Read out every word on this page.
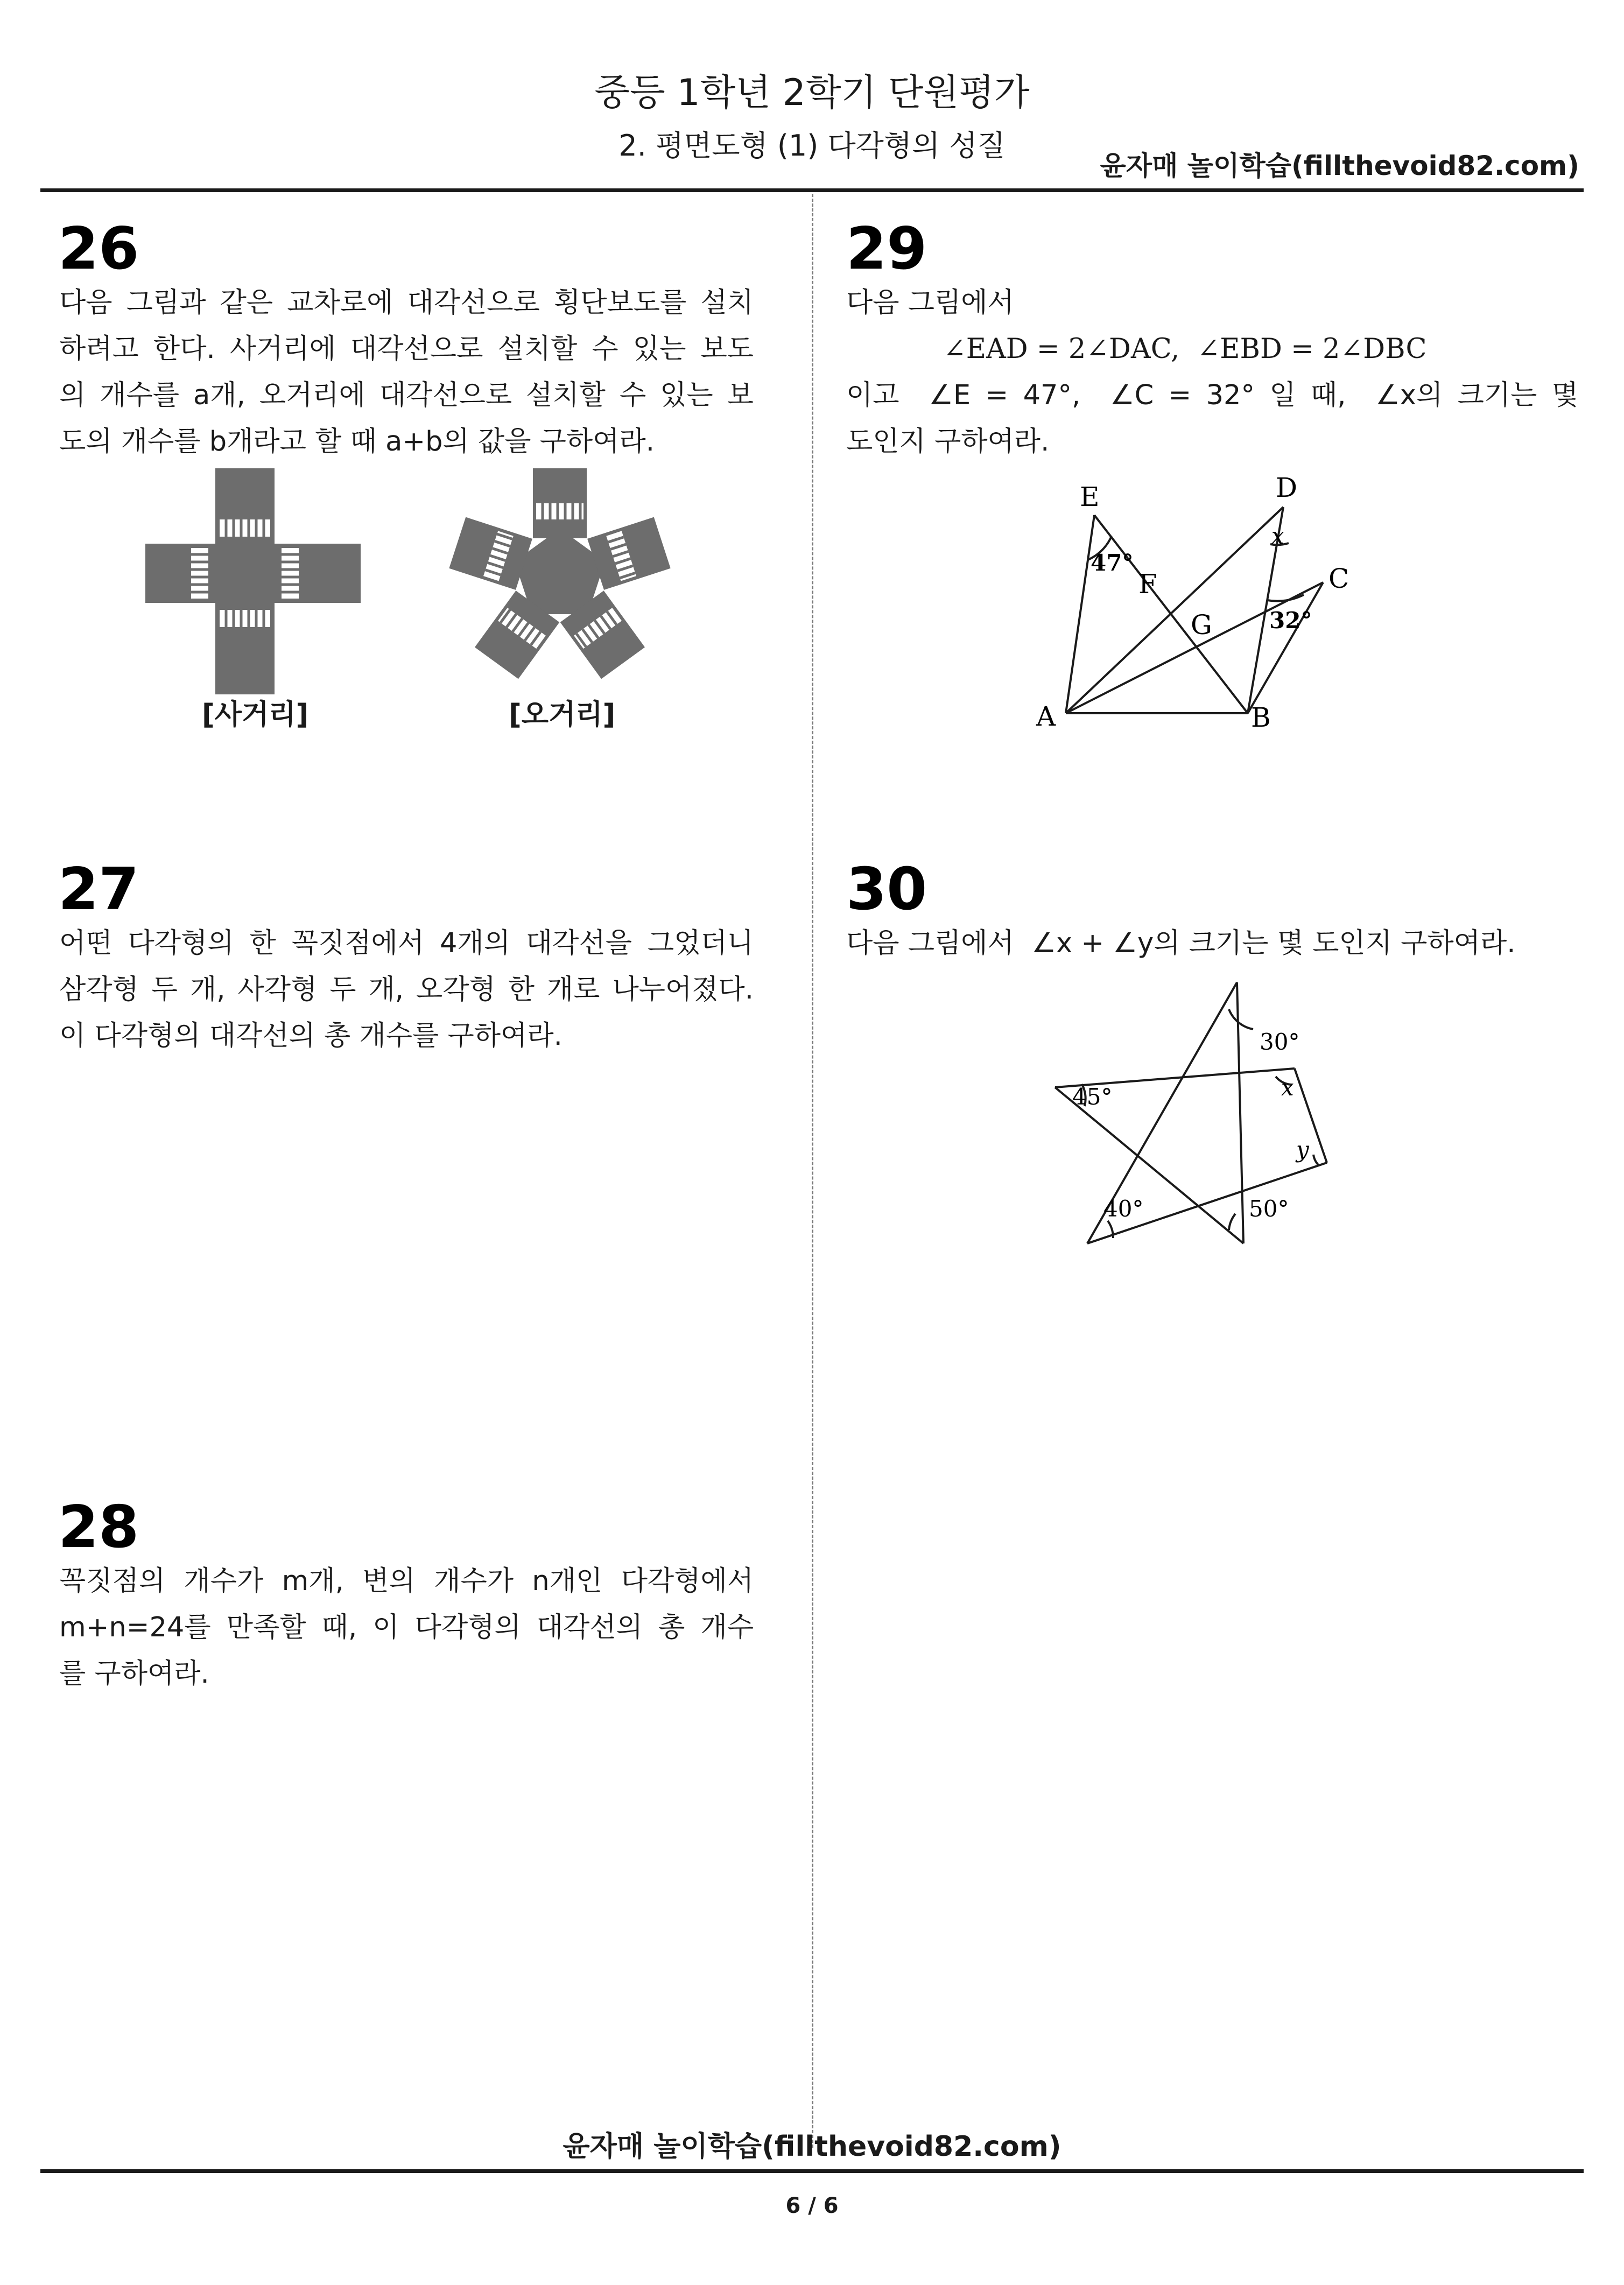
중등 1학년 2학기 단원평가
2. 평면도형 (1) 다각형의 성질
윤자매 놀이학습(fillthevoid82.com)
26
다음 그림과 같은 교차로에 대각선으로 횡단보도를 설치
하려고 한다. 사거리에 대각선으로 설치할 수 있는 보도
의 개수를 a개, 오거리에 대각선으로 설치할 수 있는 보
도의 개수를 b개라고 할 때 a+b의 값을 구하여라.
[사거리]	[오거리]
27
어떤 다각형의 한 꼭짓점에서 4개의 대각선을 그었더니
삼각형 두 개, 사각형 두 개, 오각형 한 개로 나누어졌다.
이 다각형의 대각선의 총 개수를 구하여라.
28
꼭짓점의 개수가 m개, 변의 개수가 n개인 다각형에서
m+n=24를 만족할 때, 이 다각형의 대각선의 총 개수
를 구하여라.
29
다음 그림에서
∠EAD = 2∠DAC,  ∠EBD = 2∠DBC
이고  ∠E = 47°,  ∠C = 32° 일 때,  ∠x의 크기는 몇
도인지 구하여라.
E	D
C
F
G
A	B
47°
32°
x
30
다음 그림에서  ∠x + ∠y의 크기는 몇 도인지 구하여라.
30°
45°	x
y
40°	50°
윤자매 놀이학습(fillthevoid82.com)
6 / 6
